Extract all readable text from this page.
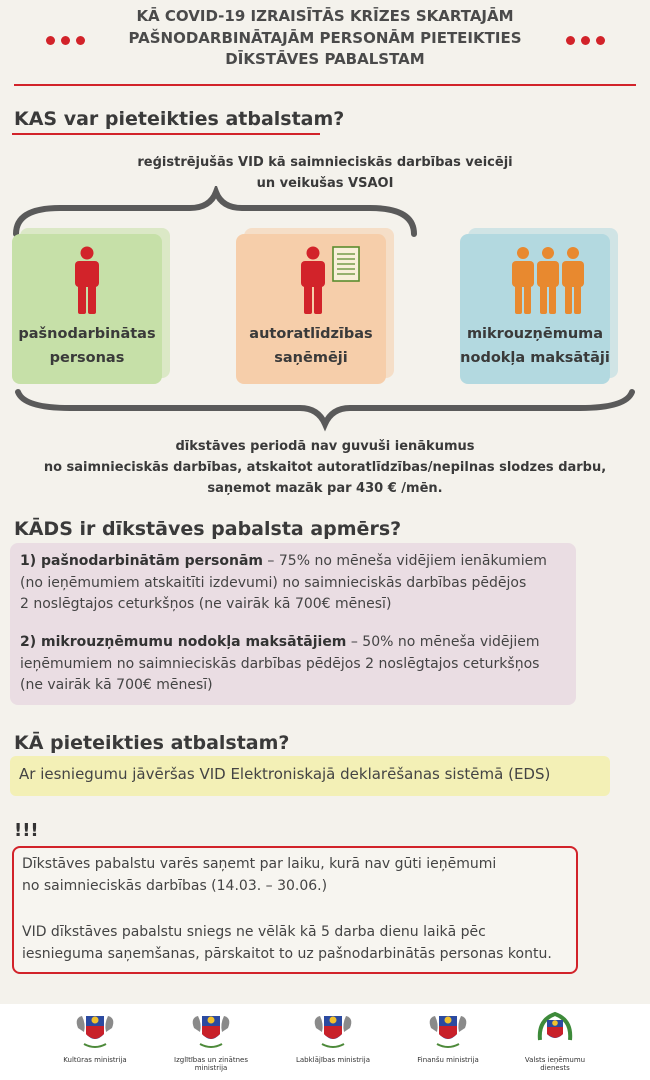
KĀ COVID-19 IZRAISĪTĀS KRĪZES SKARTAJĀM
PAŠNODARBINĀTAJĀM PERSONĀM PIETEIKTIES
DĪKSTĀVES PABALSTAM
KAS var pieteikties atbalstam?
reģistrējušās VID kā saimnieciskās darbības veicēji
un veikušas VSAOI
pašnodarbinātas
personas
autoratlīdzības
saņēmēji
mikrouzņēmuma
nodokļa maksātāji
dīkstāves periodā nav guvuši ienākumus
no saimnieciskās darbības, atskaitot autoratlīdzības/nepilnas slodzes darbu,
saņemot mazāk par 430 € /mēn.
KĀDS ir dīkstāves pabalsta apmērs?
1) pašnodarbinātām personām – 75% no mēneša vidējiem ienākumiem
(no ieņēmumiem atskaitīti izdevumi) no saimnieciskās darbības pēdējos
2 noslēgtajos ceturkšņos (ne vairāk kā 700€ mēnesī)
2) mikrouzņēmumu nodokļa maksātājiem – 50% no mēneša vidējiem
ieņēmumiem no saimnieciskās darbības pēdējos 2 noslēgtajos ceturkšņos
(ne vairāk kā 700€ mēnesī)
KĀ pieteikties atbalstam?
Ar iesniegumu jāvēršas VID Elektroniskajā deklarēšanas sistēmā (EDS)
!!!
Dīkstāves pabalstu varēs saņemt par laiku, kurā nav gūti ieņēmumi
no saimnieciskās darbības (14.03. – 30.06.)
VID dīkstāves pabalstu sniegs ne vēlāk kā 5 darba dienu laikā pēc
iesnieguma saņemšanas, pārskaitot to uz pašnodarbinātās personas kontu.
Kultūras ministrija	Izglītības un zinātnes
ministrija
Labklājības ministrija	Finanšu ministrija	Valsts ieņēmumu
dienests
